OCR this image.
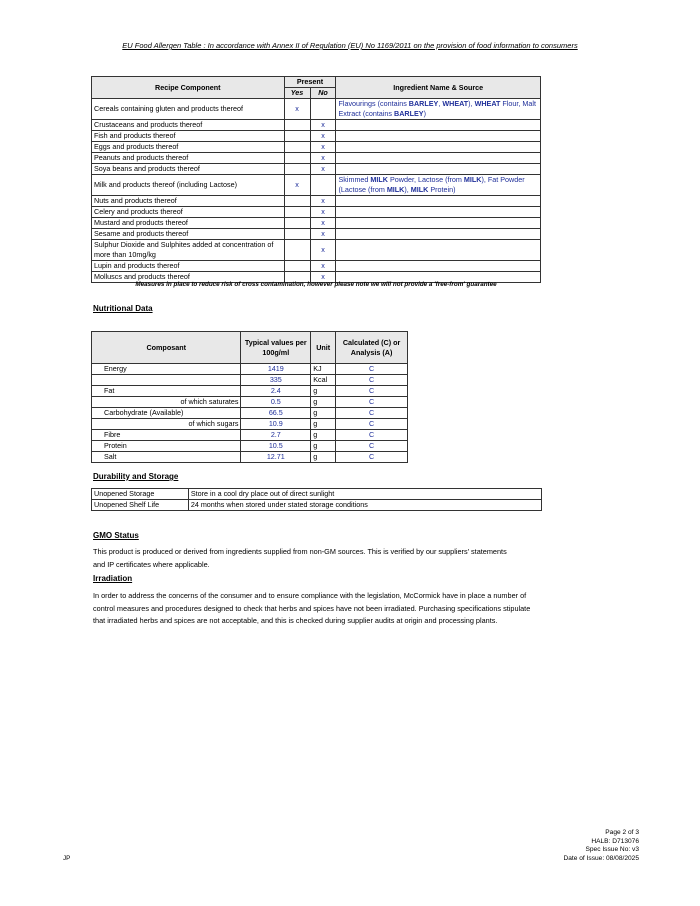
EU Food Allergen Table : In accordance with Annex II of Regulation (EU) No 1169/2011 on the provision of food information to consumers
Recipe Component	Present		Ingredient Name & Source
	Yes	No	
Cereals containing gluten and products thereof	x		Flavourings (contains BARLEY, WHEAT), WHEAT Flour, Malt Extract (contains BARLEY)
Crustaceans and products thereof		x	
Fish and products thereof		x	
Eggs and products thereof		x	
Peanuts and products thereof		x	
Soya beans and products thereof		x	
Milk and products thereof (including Lactose)	x		Skimmed MILK Powder, Lactose (from MILK), Fat Powder (Lactose (from MILK), MILK Protein)
Nuts and products thereof		x	
Celery and products thereof		x	
Mustard and products thereof		x	
Sesame and products thereof		x	
Sulphur Dioxide and Sulphites added at concentration of more than 10mg/kg		x	
Lupin and products thereof		x	
Molluscs and products thereof		x	
Measures in place to reduce risk of cross contamination, however please note we will not provide a 'free-from' guarantee
Nutritional Data
Composant	Typical values per 100g/ml	Unit	Calculated (C) or Analysis (A)
Energy	1419	KJ	C
	335	Kcal	C
Fat	2.4	g	C
of which saturates	0.5	g	C
Carbohydrate (Available)	66.5	g	C
of which sugars	10.9	g	C
Fibre	2.7	g	C
Protein	10.5	g	C
Salt	12.71	g	C
Durability and Storage
Unopened Storage	Store in a cool dry place out of direct sunlight
Unopened Shelf Life	24 months when stored under stated storage conditions
GMO Status
This product is produced or derived from ingredients supplied from non-GM sources. This is verified by our suppliers' statements and IP certificates where applicable.
Irradiation
In order to address the concerns of the consumer and to ensure compliance with the legislation, McCormick have in place a number of control measures and procedures designed to check that herbs and spices have not been irradiated. Purchasing specifications stipulate that irradiated herbs and spices are not acceptable, and this is checked during supplier audits at origin and processing plants.
JP
Page 2 of 3
HALB: D713076
Spec Issue No: v3
Date of Issue: 08/08/2025
